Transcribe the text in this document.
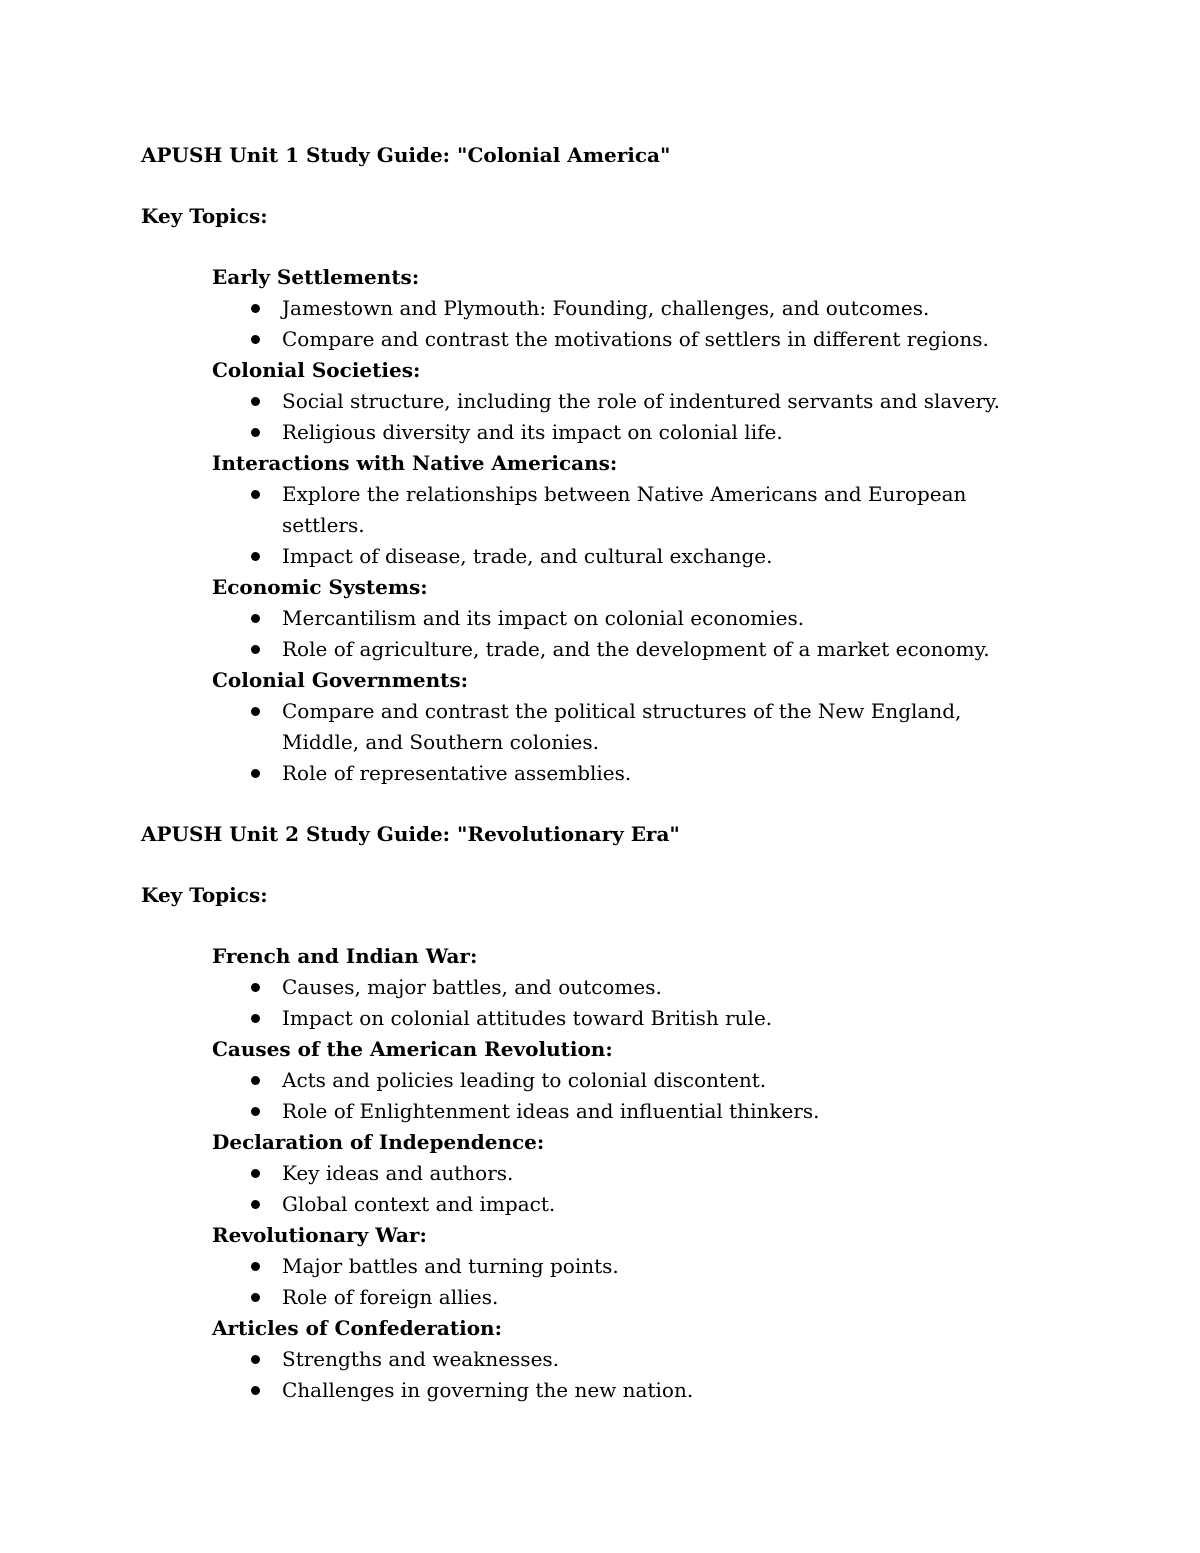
APUSH Unit 1 Study Guide: "Colonial America"

Key Topics:

Early Settlements:

Jamestown and Plymouth: Founding, challenges, and outcomes.
Compare and contrast the motivations of settlers in different regions.

Colonial Societies:

Social structure, including the role of indentured servants and slavery.
Religious diversity and its impact on colonial life.

Interactions with Native Americans:

Explore the relationships between Native Americans and European settlers.
Impact of disease, trade, and cultural exchange.

Economic Systems:

Mercantilism and its impact on colonial economies.
Role of agriculture, trade, and the development of a market economy.

Colonial Governments:

Compare and contrast the political structures of the New England, Middle, and Southern colonies.
Role of representative assemblies.

APUSH Unit 2 Study Guide: "Revolutionary Era"

Key Topics:

French and Indian War:

Causes, major battles, and outcomes.
Impact on colonial attitudes toward British rule.

Causes of the American Revolution:

Acts and policies leading to colonial discontent.
Role of Enlightenment ideas and influential thinkers.

Declaration of Independence:

Key ideas and authors.
Global context and impact.

Revolutionary War:

Major battles and turning points.
Role of foreign allies.

Articles of Confederation:

Strengths and weaknesses.
Challenges in governing the new nation.
